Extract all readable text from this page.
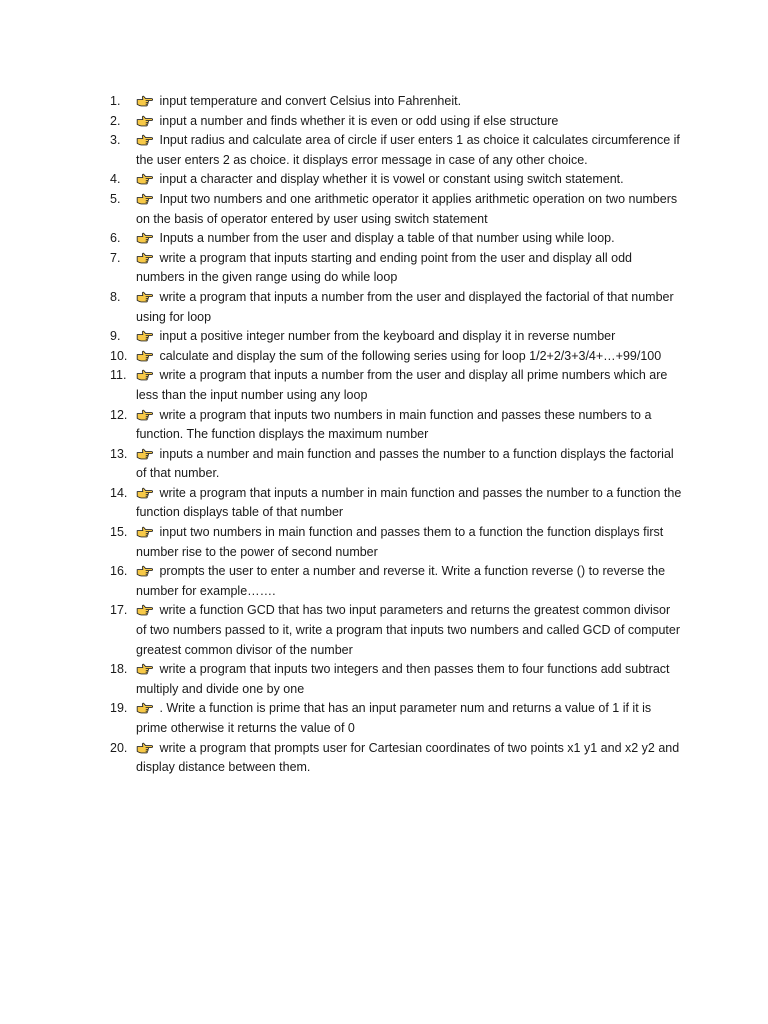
1.	input temperature and convert Celsius into Fahrenheit.
2.	input a number and finds whether it is even or odd using if else structure
3.	Input radius and calculate area of circle if user enters 1 as choice it calculates circumference if the user enters 2 as choice. it displays error message in case of any other choice.
4.	input a character and display whether it is vowel or constant using switch statement.
5.	Input two numbers and one arithmetic operator it applies arithmetic operation on two numbers on the basis of operator entered by user using switch statement
6.	Inputs a number from the user and display a table of that number using while loop.
7.	write a program that inputs starting and ending point from the user and display all odd numbers in the given range using do while loop
8.	write a program that inputs a number from the user and displayed the factorial of that number using for loop
9.	input a positive integer number from the keyboard and display it in reverse number
10.	calculate and display the sum of the following series using for loop 1/2+2/3+3/4+…+99/100
11.	write a program that inputs a number from the user and display all prime numbers which are less than the input number using any loop
12.	write a program that inputs two numbers in main function and passes these numbers to a function. The function displays the maximum number
13.	inputs a number and main function and passes the number to a function displays the factorial of that number.
14.	write a program that inputs a number in main function and passes the number to a function the function displays table of that number
15.	input two numbers in main function and passes them to a function the function displays first number rise to the power of second number
16.	prompts the user to enter a number and reverse it. Write a function reverse () to reverse the number for example…….
17.	write a function GCD that has two input parameters and returns the greatest common divisor of two numbers passed to it, write a program that inputs two numbers and called GCD of computer greatest common divisor of the number
18.	write a program that inputs two integers and then passes them to four functions add subtract multiply and divide one by one
19.	. Write a function is prime that has an input parameter num and returns a value of 1 if it is prime otherwise it returns the value of 0
20.	write a program that prompts user for Cartesian coordinates of two points x1 y1 and x2 y2 and display distance between them.
